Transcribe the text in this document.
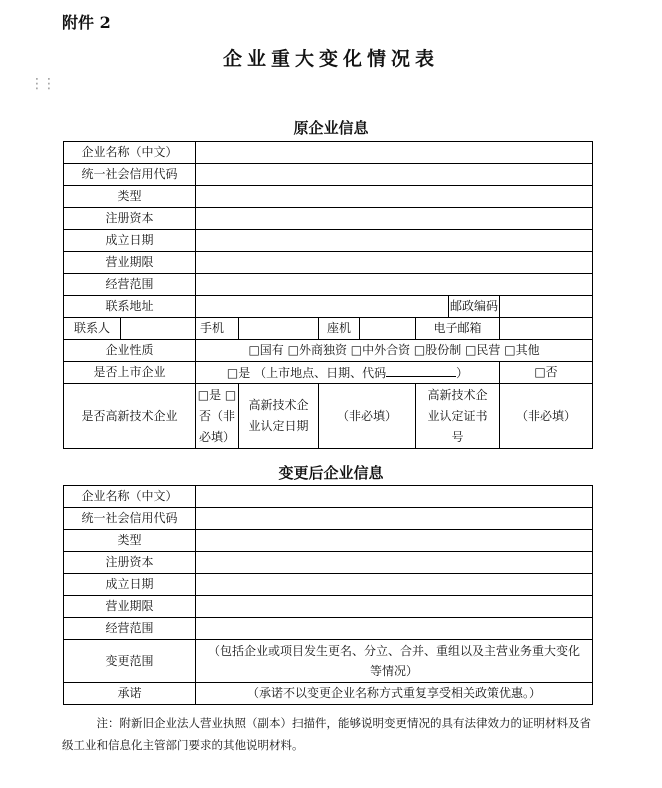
附件 2
企业重大变化情况表
⋮⋮
原企业信息
企业名称（中文）								
统一社会信用代码								
类型								
注册资本								
成立日期								
营业期限								
经营范围								
联系地址							邮政编码	
联系人		手机		座机		电子邮箱		
企业性质		□国有 □外商独资 □中外合资 □股份制 □民营 □其他						
是否上市企业		□是 （上市地点、日期、代码 ）						□否
是否高新技术企业		□是 □否（非必填）	高新技术企业认定日期	（非必填）		高新技术企业认定证书号		（非必填）
变更后企业信息
企业名称（中文）	
统一社会信用代码	
类型	
注册资本	
成立日期	
营业期限	
经营范围	
变更范围	（包括企业或项目发生更名、分立、合并、重组以及主营业务重大变化等情况）
承诺	（承诺不以变更企业名称方式重复享受相关政策优惠。）
注：附新旧企业法人营业执照（副本）扫描件，能够说明变更情况的具有法律效力的证明材料及省级工业和信息化主管部门要求的其他说明材料。
